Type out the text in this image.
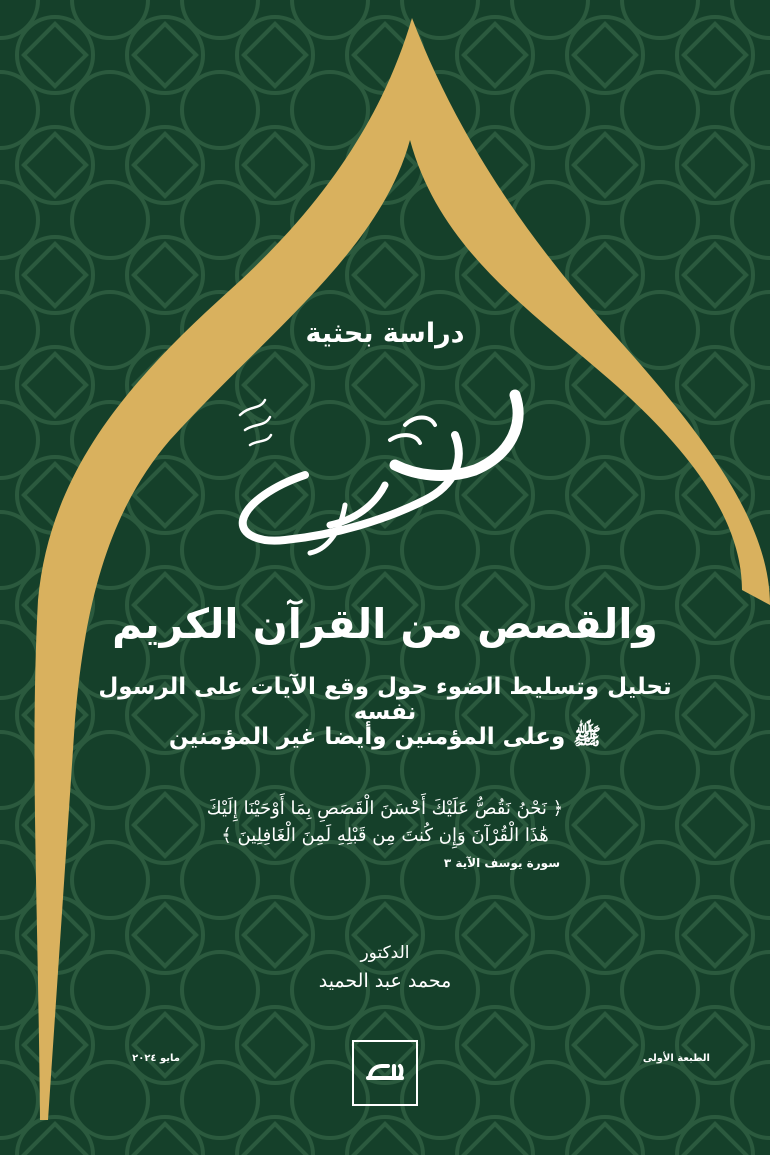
دراسة بحثية
والقصص من القرآن الكريم
تحليل وتسليط الضوء حول وقع الآيات على الرسول نفسه
ﷺ وعلى المؤمنين وأيضا غير المؤمنين
﴿ نَحْنُ نَقُصُّ عَلَيْكَ أَحْسَنَ الْقَصَصِ بِمَا أَوْحَيْنَا إِلَيْكَ
هَٰذَا الْقُرْآنَ وَإِن كُنتَ مِن قَبْلِهِ لَمِنَ الْغَافِلِينَ ﴾
سورة يوسف الآية ٣
الدكتور
محمد عبد الحميد
الطبعة الأولى
مايو ٢٠٢٤
